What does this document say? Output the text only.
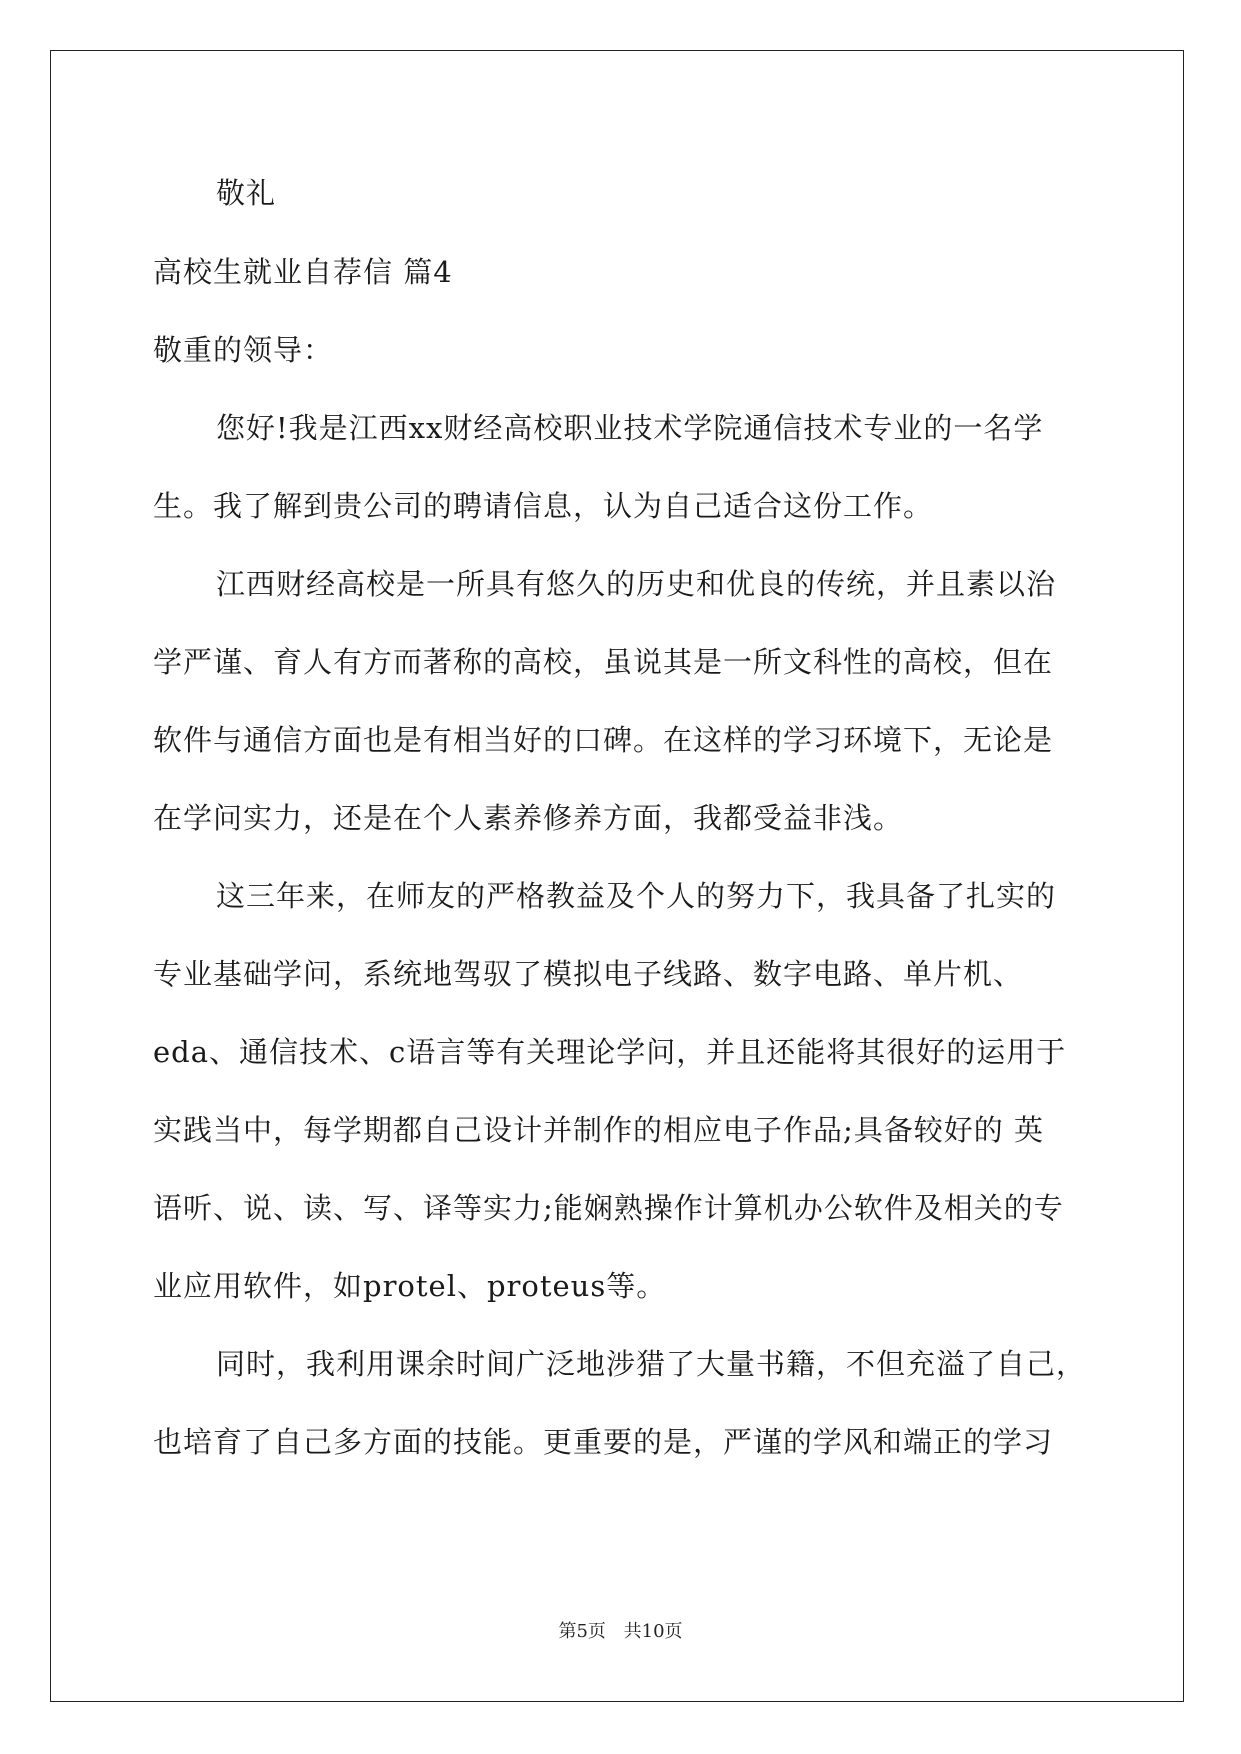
敬礼
高校生就业自荐信 篇4
敬重的领导：
您好!我是江西xx财经高校职业技术学院通信技术专业的一名学
生。我了解到贵公司的聘请信息，认为自己适合这份工作。
江西财经高校是一所具有悠久的历史和优良的传统，并且素以治
学严谨、育人有方而著称的高校，虽说其是一所文科性的高校，但在
软件与通信方面也是有相当好的口碑。在这样的学习环境下，无论是
在学问实力，还是在个人素养修养方面，我都受益非浅。
这三年来，在师友的严格教益及个人的努力下，我具备了扎实的
专业基础学问，系统地驾驭了模拟电子线路、数字电路、单片机、
eda、通信技术、c语言等有关理论学问，并且还能将其很好的运用于
实践当中，每学期都自己设计并制作的相应电子作品;具备较好的 英
语听、说、读、写、译等实力;能娴熟操作计算机办公软件及相关的专
业应用软件，如protel、proteus等。
同时，我利用课余时间广泛地涉猎了大量书籍，不但充溢了自己，
也培育了自己多方面的技能。更重要的是，严谨的学风和端正的学习
第5页 共10页
